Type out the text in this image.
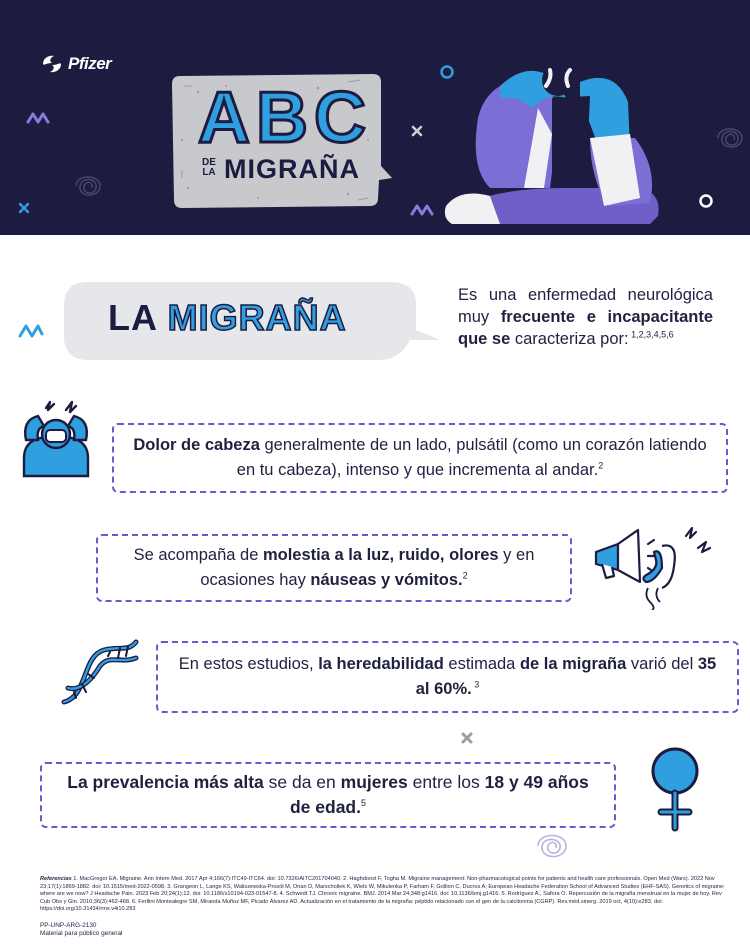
Pfizer
ABC
DE LA MIGRAÑA
LA MIGRAÑA
Es una enfermedad neurológica muy frecuente e incapacitante que se caracteriza por: $^{1,2,3,4,5,6}$
Dolor de cabeza generalmente de un lado, pulsátil (como un corazón latiendo en tu cabeza), intenso y que incrementa al andar.$^2$
Se acompaña de molestia a la luz, ruido, olores y en ocasiones hay náuseas y vómitos.$^2$
En estos estudios, la heredabilidad estimada de la migraña varió del 35 al 60%. $^3$
La prevalencia más alta se da en mujeres entre los 18 y 49 años de edad.$^5$
Referencias 1. MacGregor EA. Migraine. Ann Intern Med. 2017 Apr 4;166(7):ITC49-ITC64. doi: 10.7326/AITC201704040. 2. Haghdoost F, Togha M. Migraine management: Non-pharmacological points for patients and health care professionals. Open Med (Wars). 2022 Nov 23;17(1):1869-1882. doi: 10.1515/med-2022-0598. 3. Grangeon L, Lange KS, Waliszewska-Prosół M, Onan D, Marschollek K, Wiels W, Mikulenka P, Farham F, Gollion C, Ducros A; European Headache Federation School of Advanced Studies (EHF-SAS). Genetics of migraine: where are we now? J Headache Pain. 2023 Feb 20;24(1):12. doi: 10.1186/s10194-023-01547-8. 4. Schwedt TJ. Chronic migraine. BMJ. 2014 Mar 24;348:g1416. doi: 10.1136/bmj.g1416. 5. Rodríguez A., Safora O. Repercusión de la migraña menstrual en la mujer de hoy. Rev Cub Obs y Gin. 2010;36(3):462-468. 6. Ferllini Montealegre SM, Miranda Muñoz MF, Picado Álvarez AD. Actualización en el tratamiento de la migraña: péptido relacionado con el gen de la calcitonina (CGRP). Rev.méd.sinerg. 2019 oct, 4(10):e283. doi: https://doi.org/10.31434/rms.v4i10.283
PP-UNP-ARG-2130
Material para público general
